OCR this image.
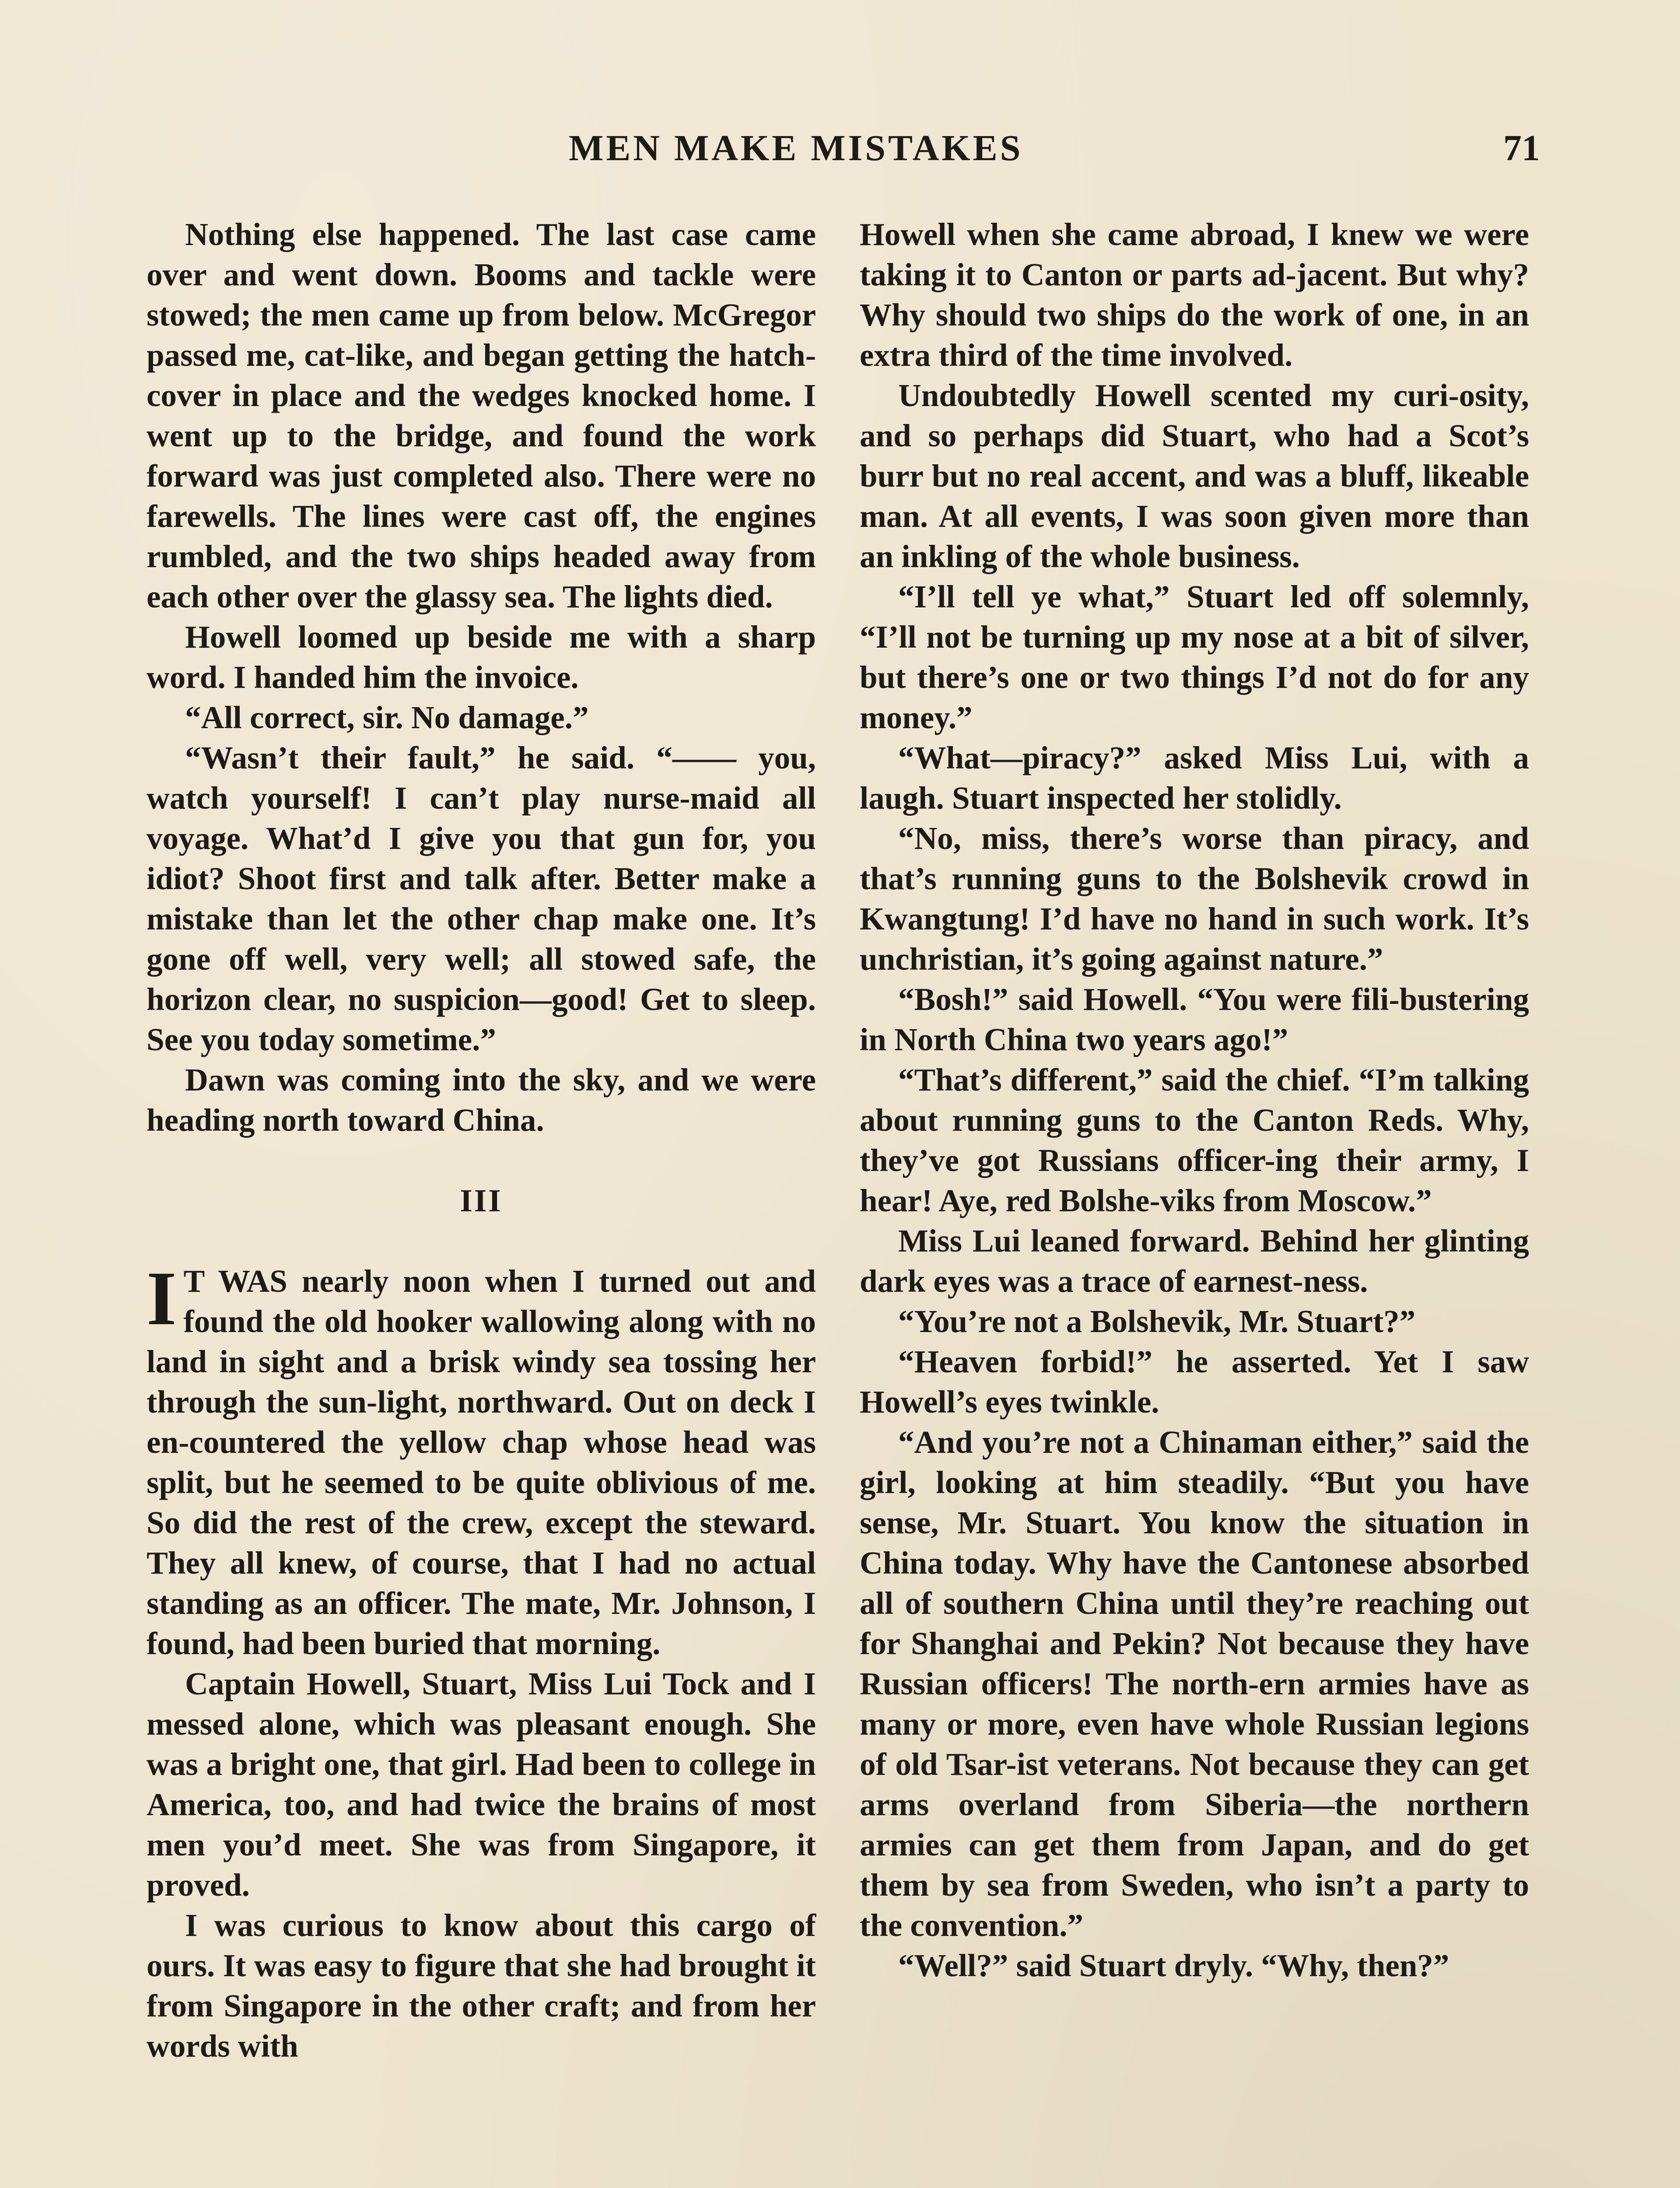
MEN MAKE MISTAKES	71

Nothing else happened. The last case came over and went down. Booms and tackle were stowed; the men came up from below. McGregor passed me, cat-like, and began getting the hatch-cover in place and the wedges knocked home. I went up to the bridge, and found the work forward was just completed also. There were no farewells. The lines were cast off, the engines rumbled, and the two ships headed away from each other over the glassy sea. The lights died.

Howell loomed up beside me with a sharp word. I handed him the invoice.

“All correct, sir. No damage.”

“Wasn’t their fault,” he said. “—— you, watch yourself! I can’t play nurse-maid all voyage. What’d I give you that gun for, you idiot? Shoot first and talk after. Better make a mistake than let the other chap make one. It’s gone off well, very well; all stowed safe, the horizon clear, no suspicion—good! Get to sleep. See you today sometime.”

Dawn was coming into the sky, and we were heading north toward China.

III

I T WAS nearly noon when I turned out and found the old hooker wallowing along with no land in sight and a brisk windy sea tossing her through the sun-light, northward. Out on deck I en-countered the yellow chap whose head was split, but he seemed to be quite oblivious of me. So did the rest of the crew, except the steward. They all knew, of course, that I had no actual standing as an officer. The mate, Mr. Johnson, I found, had been buried that morning.

Captain Howell, Stuart, Miss Lui Tock and I messed alone, which was pleasant enough. She was a bright one, that girl. Had been to college in America, too, and had twice the brains of most men you’d meet. She was from Singapore, it proved.

I was curious to know about this cargo of ours. It was easy to figure that she had brought it from Singapore in the other craft; and from her words with

Howell when she came abroad, I knew we were taking it to Canton or parts ad-jacent. But why? Why should two ships do the work of one, in an extra third of the time involved.

Undoubtedly Howell scented my curi-osity, and so perhaps did Stuart, who had a Scot’s burr but no real accent, and was a bluff, likeable man. At all events, I was soon given more than an inkling of the whole business.

“I’ll tell ye what,” Stuart led off solemnly, “I’ll not be turning up my nose at a bit of silver, but there’s one or two things I’d not do for any money.”

“What—piracy?” asked Miss Lui, with a laugh. Stuart inspected her stolidly.

“No, miss, there’s worse than piracy, and that’s running guns to the Bolshevik crowd in Kwangtung! I’d have no hand in such work. It’s unchristian, it’s going against nature.”

“Bosh!” said Howell. “You were fili-bustering in North China two years ago!”

“That’s different,” said the chief. “I’m talking about running guns to the Canton Reds. Why, they’ve got Russians officer-ing their army, I hear! Aye, red Bolshe-viks from Moscow.”

Miss Lui leaned forward. Behind her glinting dark eyes was a trace of earnest-ness.

“You’re not a Bolshevik, Mr. Stuart?”

“Heaven forbid!” he asserted. Yet I saw Howell’s eyes twinkle.

“And you’re not a Chinaman either,” said the girl, looking at him steadily. “But you have sense, Mr. Stuart. You know the situation in China today. Why have the Cantonese absorbed all of southern China until they’re reaching out for Shanghai and Pekin? Not because they have Russian officers! The north-ern armies have as many or more, even have whole Russian legions of old Tsar-ist veterans. Not because they can get arms overland from Siberia—the northern armies can get them from Japan, and do get them by sea from Sweden, who isn’t a party to the convention.”

“Well?” said Stuart dryly. “Why, then?”
